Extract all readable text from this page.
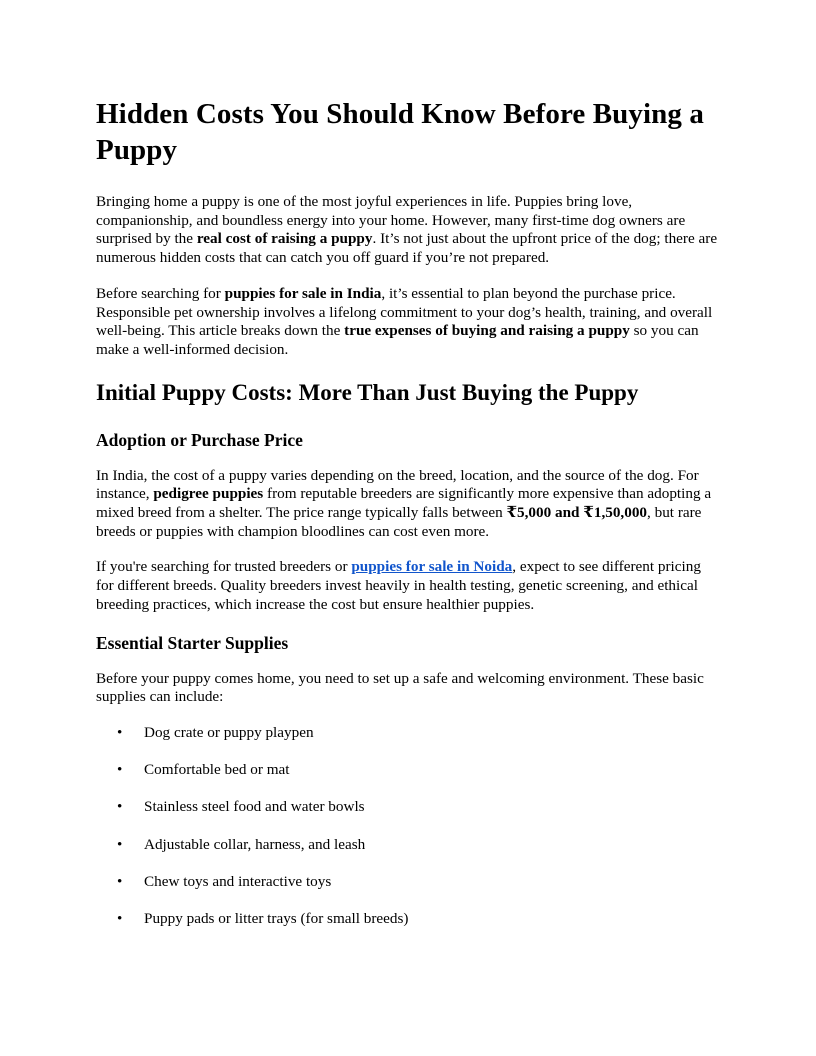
Hidden Costs You Should Know Before Buying a Puppy

Bringing home a puppy is one of the most joyful experiences in life. Puppies bring love, companionship, and boundless energy into your home. However, many first-time dog owners are surprised by the real cost of raising a puppy. It’s not just about the upfront price of the dog; there are numerous hidden costs that can catch you off guard if you’re not prepared.

Before searching for puppies for sale in India, it’s essential to plan beyond the purchase price. Responsible pet ownership involves a lifelong commitment to your dog’s health, training, and overall well-being. This article breaks down the true expenses of buying and raising a puppy so you can make a well-informed decision.

Initial Puppy Costs: More Than Just Buying the Puppy
Adoption or Purchase Price

In India, the cost of a puppy varies depending on the breed, location, and the source of the dog. For instance, pedigree puppies from reputable breeders are significantly more expensive than adopting a mixed breed from a shelter. The price range typically falls between ₹5,000 and ₹1,50,000, but rare breeds or puppies with champion bloodlines can cost even more.

If you're searching for trusted breeders or puppies for sale in Noida, expect to see different pricing for different breeds. Quality breeders invest heavily in health testing, genetic screening, and ethical breeding practices, which increase the cost but ensure healthier puppies.

Essential Starter Supplies

Before your puppy comes home, you need to set up a safe and welcoming environment. These basic supplies can include:

• Dog crate or puppy playpen
• Comfortable bed or mat
• Stainless steel food and water bowls
• Adjustable collar, harness, and leash
• Chew toys and interactive toys
• Puppy pads or litter trays (for small breeds)
